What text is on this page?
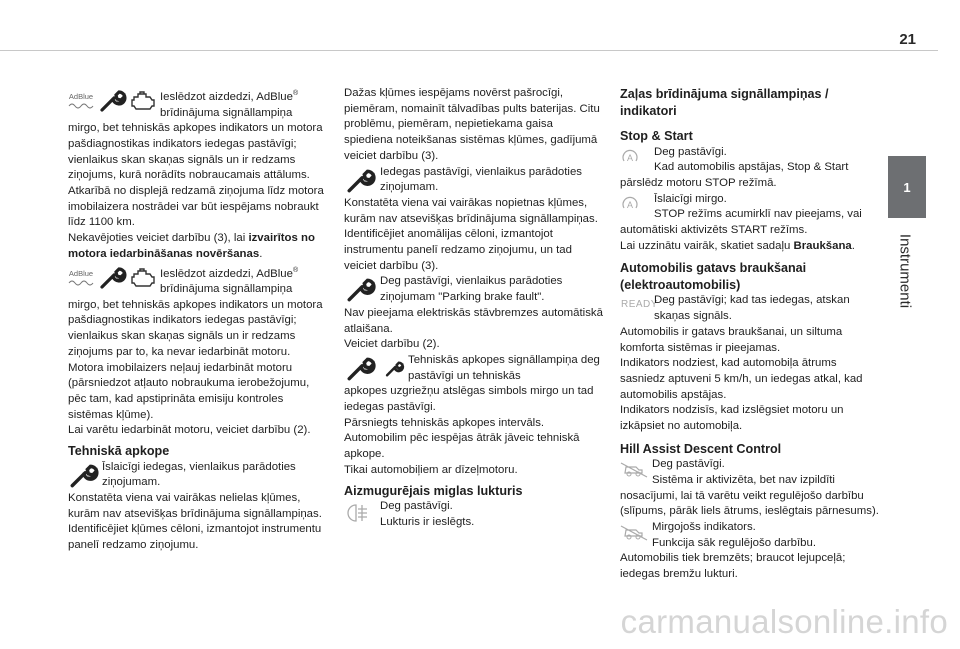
21
1
Instrumenti
AdBlue	Ieslēdzot aizdedzi, AdBlue® brīdinājuma signāllampiņa

mirgo, bet tehniskās apkopes indikators un motora pašdiagnostikas indikators iedegas pastāvīgi; vienlaikus skan skaņas signāls un ir redzams ziņojums, kurā norādīts nobraucamais attālums.

Atkarībā no displejā redzamā ziņojuma līdz motora imobilaizera nostrādei var būt iespējams nobraukt līdz 1100 km.

Nekavējoties veiciet darbību (3), lai izvairītos no motora iedarbināšanas novēršanas.

AdBlue	Ieslēdzot aizdedzi, AdBlue® brīdinājuma signāllampiņa

mirgo, bet tehniskās apkopes indikators un motora pašdiagnostikas indikators iedegas pastāvīgi; vienlaikus skan skaņas signāls un ir redzams ziņojums par to, ka nevar iedarbināt motoru.

Motora imobilaizers neļauj iedarbināt motoru (pārsniedzot atļauto nobraukuma ierobežojumu, pēc tam, kad apstiprināta emisiju kontroles sistēmas kļūme).

Lai varētu iedarbināt motoru, veiciet darbību (2).

Tehniskā apkope
Īslaicīgi iedegas, vienlaikus parādoties ziņojumam.

Konstatēta viena vai vairākas nelielas kļūmes, kurām nav atsevišķas brīdinājuma signāllampiņas.

Identificējiet kļūmes cēloni, izmantojot instrumentu panelī redzamo ziņojumu.

Dažas kļūmes iespējams novērst pašrocīgi, piemēram, nomainīt tālvadības pults baterijas. Citu problēmu, piemēram, nepietiekama gaisa spiediena noteikšanas sistēmas kļūmes, gadījumā veiciet darbību (3).

Iedegas pastāvīgi, vienlaikus parādoties ziņojumam.

Konstatēta viena vai vairākas nopietnas kļūmes, kurām nav atsevišķas brīdinājuma signāllampiņas.

Identificējiet anomālijas cēloni, izmantojot instrumentu panelī redzamo ziņojumu, un tad veiciet darbību (3).

Deg pastāvīgi, vienlaikus parādoties ziņojumam "Parking brake fault".

Nav pieejama elektriskās stāvbremzes automātiskā atlaišana.

Veiciet darbību (2).

Tehniskās apkopes signāllampiņa deg pastāvīgi un tehniskās

apkopes uzgriežņu atslēgas simbols mirgo un tad iedegas pastāvīgi.

Pārsniegts tehniskās apkopes intervāls.

Automobilim pēc iespējas ātrāk jāveic tehniskā apkope.

Tikai automobiļiem ar dīzeļmotoru.

Aizmugurējais miglas lukturis

Deg pastāvīgi.

Lukturis ir ieslēgts.

Zaļas brīdinājuma signāllampiņas / indikatori
Stop & Start
A Deg pastāvīgi.

Kad automobilis apstājas, Stop & Start

pārslēdz motoru STOP režīmā.

A Īslaicīgi mirgo.

STOP režīms acumirklī nav pieejams, vai

automātiski aktivizēts START režīms.

Lai uzzinātu vairāk, skatiet sadaļu Braukšana.

Automobilis gatavs braukšanai (elektroautomobilis)
READY
Deg pastāvīgi; kad tas iedegas, atskan skaņas signāls.

Automobilis ir gatavs braukšanai, un siltuma komforta sistēmas ir pieejamas.

Indikators nodziest, kad automobiļa ātrums sasniedz aptuveni 5 km/h, un iedegas atkal, kad automobilis apstājas.

Indikators nodzisīs, kad izslēgsiet motoru un izkāpsiet no automobiļa.

Hill Assist Descent Control

Deg pastāvīgi.

Sistēma ir aktivizēta, bet nav izpildīti

nosacījumi, lai tā varētu veikt regulējošo darbību (slīpums, pārāk liels ātrums, ieslēgtais pārnesums).

Mirgojošs indikators.

Funkcija sāk regulējošo darbību.

Automobilis tiek bremzēts; braucot lejupceļā; iedegas bremžu lukturi.

carmanualsonline.info
